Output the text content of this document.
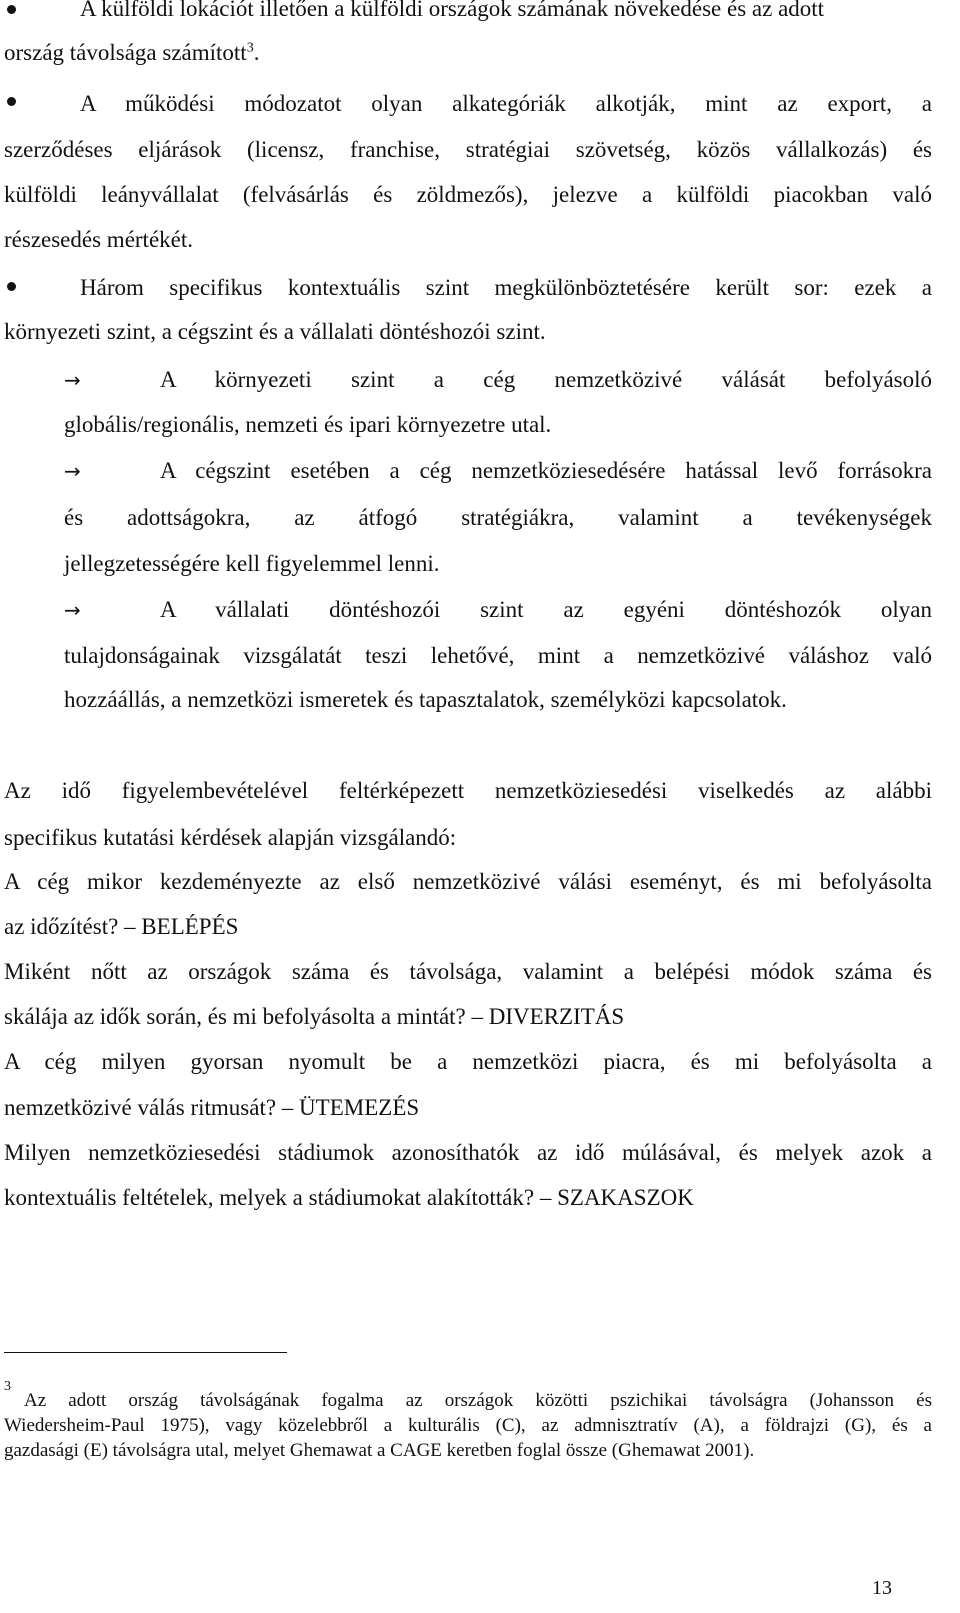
A külföldi lokációt illetően a külföldi országok számának növekedése és az adott
ország távolsága számított$^3$.
A működési módozatot olyan alkategóriák alkotják, mint az export, a
szerződéses eljárások (licensz, franchise, stratégiai szövetség, közös vállalkozás) és
külföldi leányvállalat (felvásárlás és zöldmezős), jelezve a külföldi piacokban való
részesedés mértékét.
Három specifikus kontextuális szint megkülönböztetésére került sor: ezek a
környezeti szint, a cégszint és a vállalati döntéshozói szint.
→	A környezeti szint a cég nemzetközivé válását befolyásoló
globális/regionális, nemzeti és ipari környezetre utal.
→	A cégszint esetében a cég nemzetköziesedésére hatással levő forrásokra
és adottságokra, az átfogó stratégiákra, valamint a tevékenységek
jellegzetességére kell figyelemmel lenni.
→	A vállalati döntéshozói szint az egyéni döntéshozók olyan
tulajdonságainak vizsgálatát teszi lehetővé, mint a nemzetközivé váláshoz való
hozzáállás, a nemzetközi ismeretek és tapasztalatok, személyközi kapcsolatok.
Az idő figyelembevételével feltérképezett nemzetköziesedési viselkedés az alábbi
specifikus kutatási kérdések alapján vizsgálandó:
A cég mikor kezdeményezte az első nemzetközivé válási eseményt, és mi befolyásolta
az időzítést? – BELÉPÉS
Miként nőtt az országok száma és távolsága, valamint a belépési módok száma és
skálája az idők során, és mi befolyásolta a mintát? – DIVERZITÁS
A cég milyen gyorsan nyomult be a nemzetközi piacra, és mi befolyásolta a
nemzetközivé válás ritmusát? – ÜTEMEZÉS
Milyen nemzetköziesedési stádiumok azonosíthatók az idő múlásával, és melyek azok a
kontextuális feltételek, melyek a stádiumokat alakították? – SZAKASZOK
3
Az adott ország távolságának fogalma az országok közötti pszichikai távolságra (Johansson és
Wiedersheim-Paul 1975), vagy közelebbről a kulturális (C), az admnisztratív (A), a földrajzi (G), és a
gazdasági (E) távolságra utal, melyet Ghemawat a CAGE keretben foglal össze (Ghemawat 2001).
13
